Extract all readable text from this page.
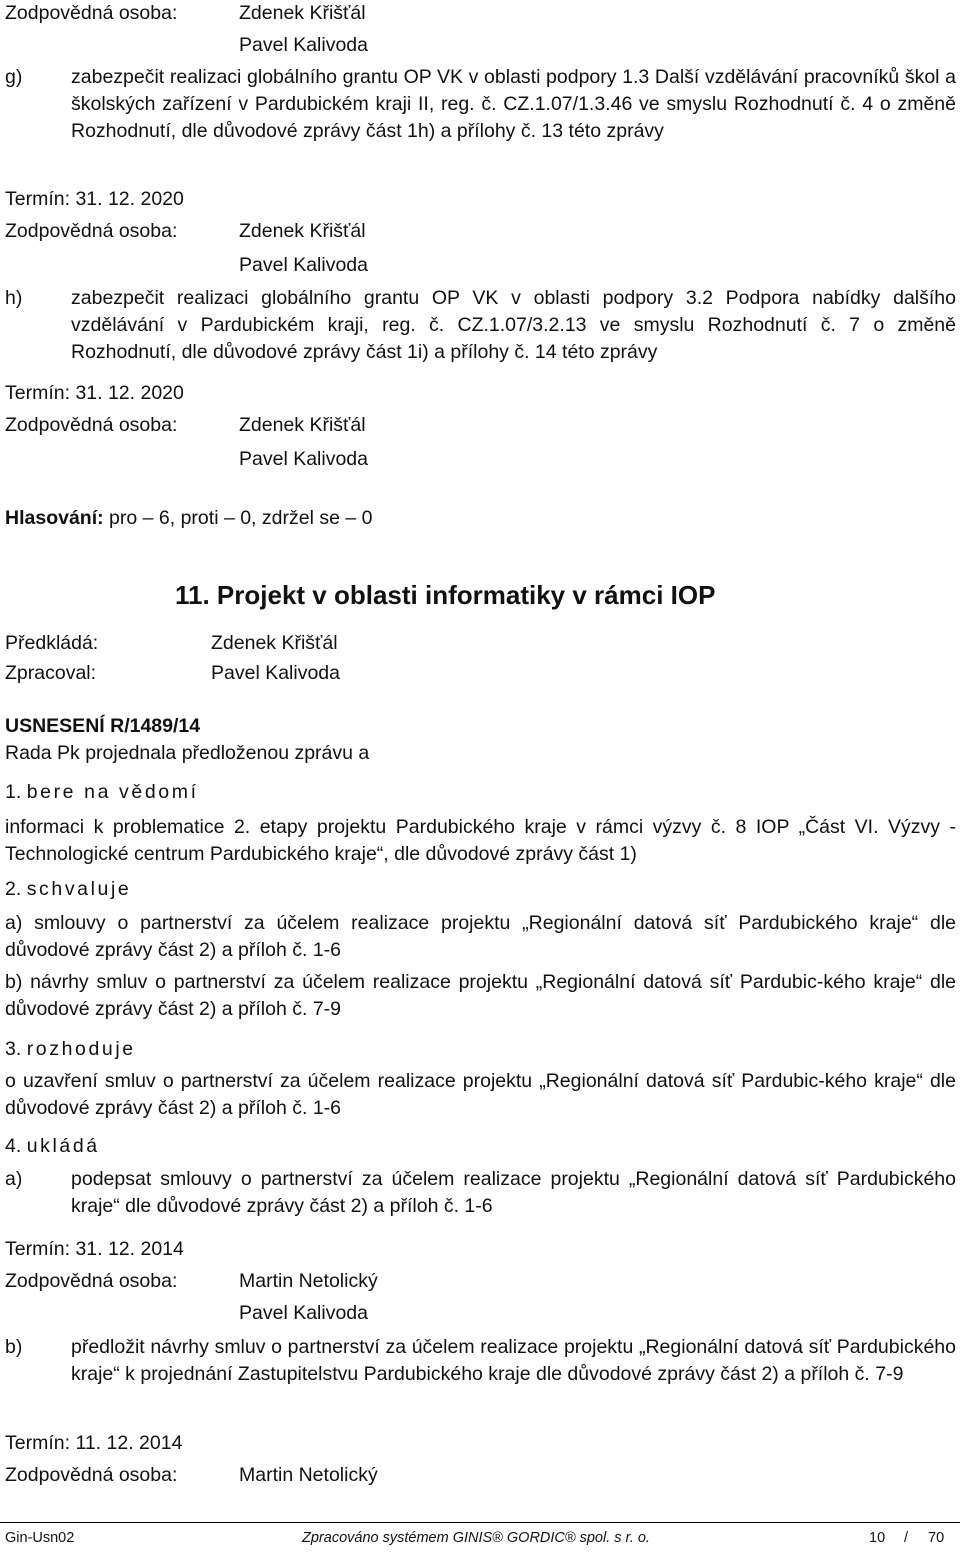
Zodpovědná osoba:	Zdenek Křišťál
Pavel Kalivoda
g) zabezpečit realizaci globálního grantu OP VK v oblasti podpory 1.3 Další vzdělávání pracovníků škol a školských zařízení v Pardubickém kraji II, reg. č. CZ.1.07/1.3.46 ve smyslu Rozhodnutí č. 4 o změně Rozhodnutí, dle důvodové zprávy část 1h) a přílohy č. 13 této zprávy
Termín: 31. 12. 2020
Zodpovědná osoba:	Zdenek Křišťál
Pavel Kalivoda
h) zabezpečit realizaci globálního grantu OP VK v oblasti podpory 3.2 Podpora nabídky dalšího vzdělávání v Pardubickém kraji, reg. č. CZ.1.07/3.2.13 ve smyslu Rozhodnutí č. 7 o změně Rozhodnutí, dle důvodové zprávy část 1i) a přílohy č. 14 této zprávy
Termín: 31. 12. 2020
Zodpovědná osoba:	Zdenek Křišťál
Pavel Kalivoda
Hlasování: pro – 6, proti – 0, zdržel se – 0
11. Projekt v oblasti informatiky v rámci IOP
Předkládá:	Zdenek Křišťál
Zpracoval:	Pavel Kalivoda
USNESENÍ R/1489/14
Rada Pk projednala předloženou zprávu a
1. bere na vědomí
informaci k problematice 2. etapy projektu Pardubického kraje v rámci výzvy č. 8 IOP „Část VI. Výzvy - Technologické centrum Pardubického kraje“, dle důvodové zprávy část 1)
2. schvaluje
a) smlouvy o partnerství za účelem realizace projektu „Regionální datová síť Pardubického kraje“ dle důvodové zprávy část 2) a příloh č. 1-6
b) návrhy smluv o partnerství za účelem realizace projektu „Regionální datová síť Pardubic-kého kraje“ dle důvodové zprávy část 2) a příloh č. 7-9
3. rozhoduje
o uzavření smluv o partnerství za účelem realizace projektu „Regionální datová síť Pardubic-kého kraje“ dle důvodové zprávy část 2) a příloh č. 1-6
4. ukládá
a) podepsat smlouvy o partnerství za účelem realizace projektu „Regionální datová síť Pardubického kraje“ dle důvodové zprávy část 2) a příloh č. 1-6
Termín: 31. 12. 2014
Zodpovědná osoba:	Martin Netolický
Pavel Kalivoda
b) předložit návrhy smluv o partnerství za účelem realizace projektu „Regionální datová síť Pardubického kraje“ k projednání Zastupitelstvu Pardubického kraje dle důvodové zprávy část 2) a příloh č. 7-9
Termín: 11. 12. 2014
Zodpovědná osoba:	Martin Netolický
Gin-Usn02	Zpracováno systémem GINIS® GORDIC® spol. s r. o.	10 / 70
